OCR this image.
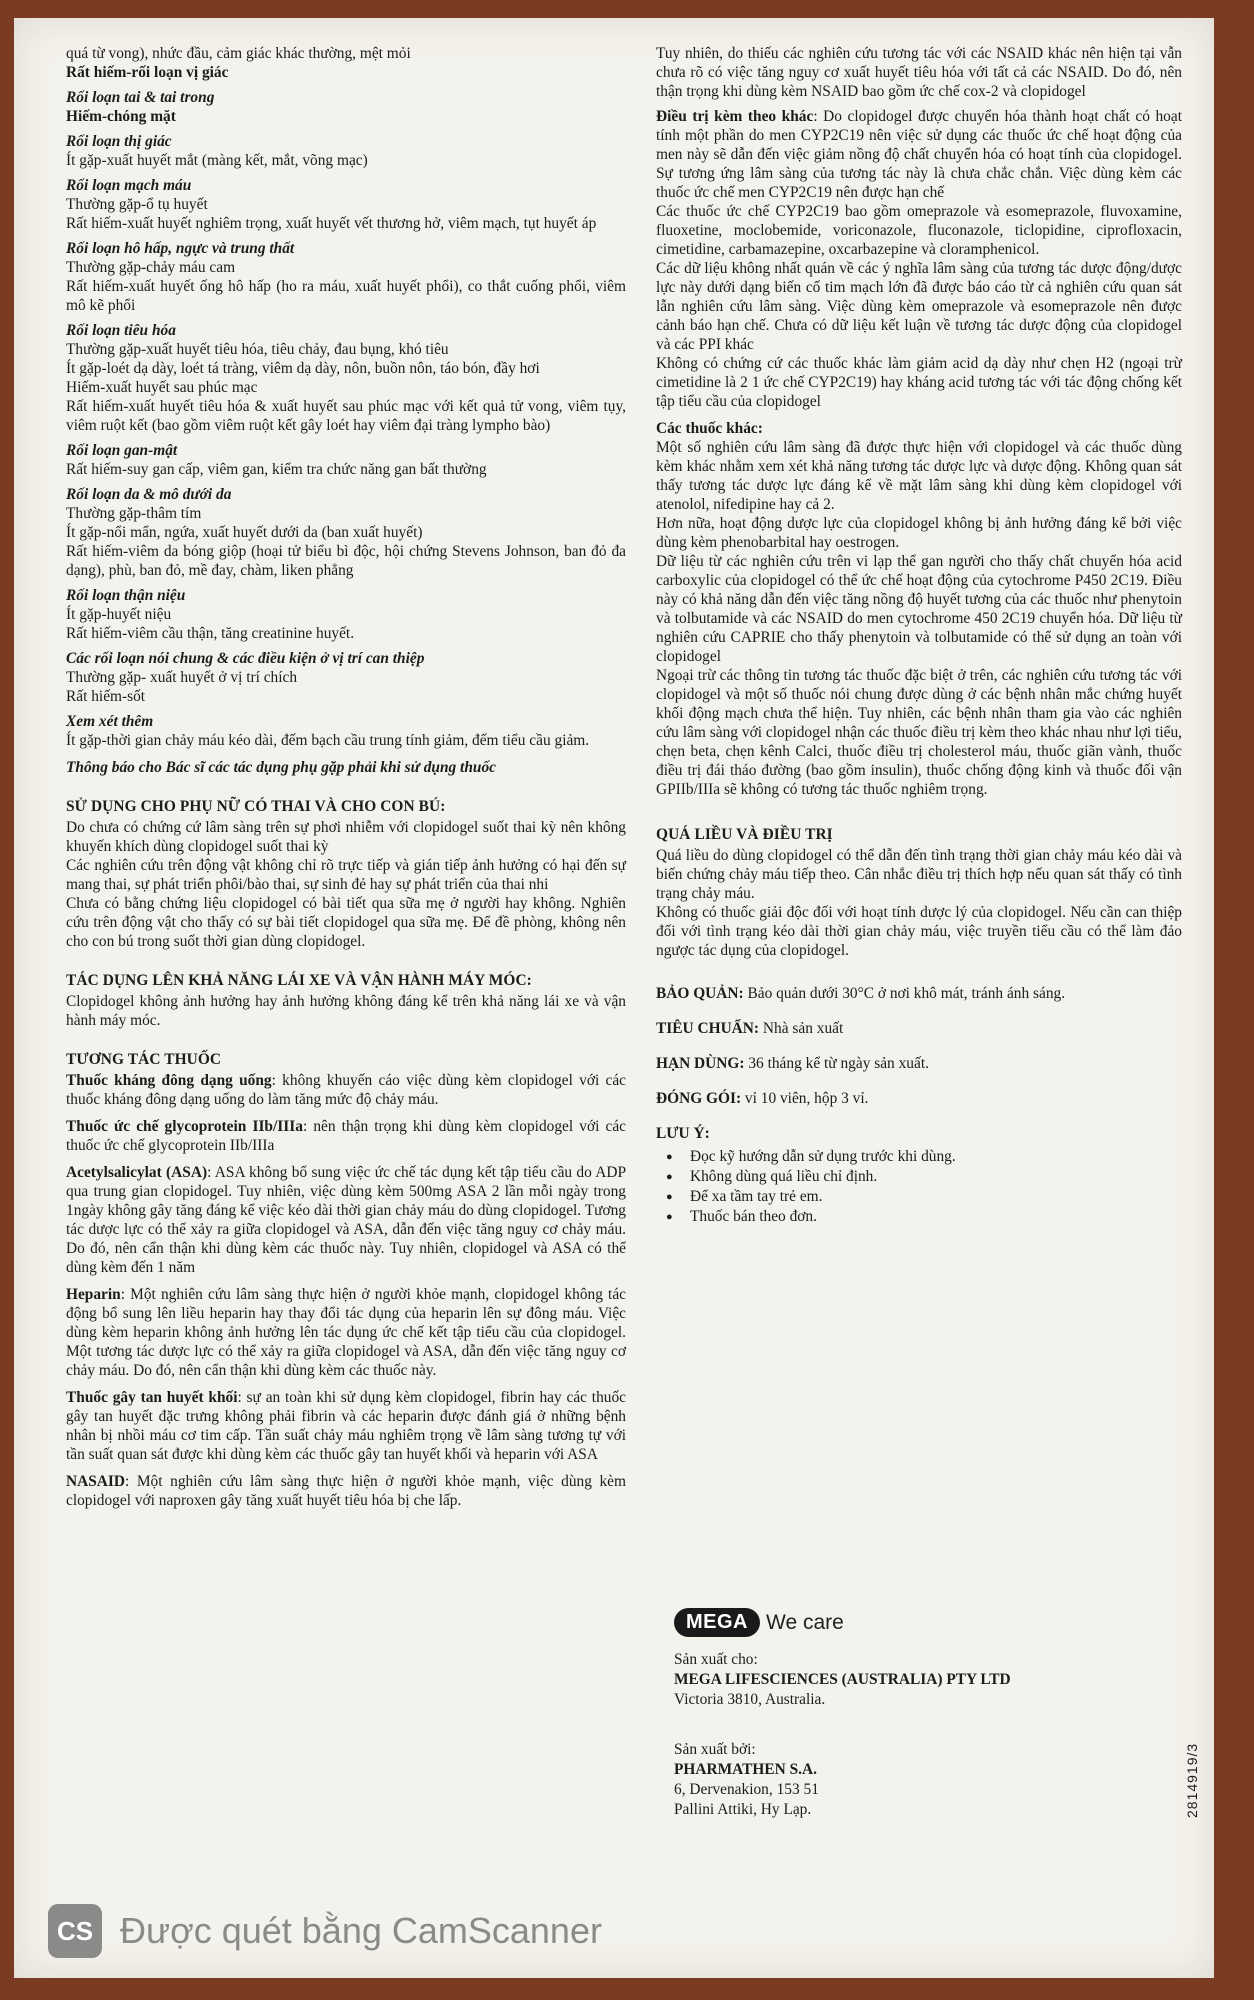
quá từ vong), nhức đầu, cảm giác khác thường, mệt mỏi

Rất hiếm-rối loạn vị giác

Rối loạn tai & tai trong

Hiếm-chóng mặt

Rối loạn thị giác

Ít gặp-xuất huyết mắt (màng kết, mắt, võng mạc)

Rối loạn mạch máu

Thường gặp-ổ tụ huyết

Rất hiếm-xuất huyết nghiêm trọng, xuất huyết vết thương hở, viêm mạch, tụt huyết áp

Rối loạn hô hấp, ngực và trung thất

Thường gặp-chảy máu cam

Rất hiếm-xuất huyết ống hô hấp (ho ra máu, xuất huyết phổi), co thắt cuống phổi, viêm mô kẽ phổi

Rối loạn tiêu hóa

Thường gặp-xuất huyết tiêu hóa, tiêu chảy, đau bụng, khó tiêu

Ít gặp-loét dạ dày, loét tá tràng, viêm dạ dày, nôn, buồn nôn, táo bón, đầy hơi

Hiếm-xuất huyết sau phúc mạc

Rất hiếm-xuất huyết tiêu hóa & xuất huyết sau phúc mạc với kết quả tử vong, viêm tụy, viêm ruột kết (bao gồm viêm ruột kết gây loét hay viêm đại tràng lympho bào)

Rối loạn gan-mật

Rất hiếm-suy gan cấp, viêm gan, kiểm tra chức năng gan bất thường

Rối loạn da & mô dưới da

Thường gặp-thâm tím

Ít gặp-nổi mẩn, ngứa, xuất huyết dưới da (ban xuất huyết)

Rất hiếm-viêm da bóng giộp (hoại tử biểu bì độc, hội chứng Stevens Johnson, ban đỏ đa dạng), phù, ban đỏ, mề đay, chàm, liken phẳng

Rối loạn thận niệu

Ít gặp-huyết niệu

Rất hiếm-viêm cầu thận, tăng creatinine huyết.

Các rối loạn nói chung & các điều kiện ở vị trí can thiệp

Thường gặp- xuất huyết ở vị trí chích

Rất hiếm-sốt

Xem xét thêm

Ít gặp-thời gian chảy máu kéo dài, đếm bạch cầu trung tính giảm, đếm tiểu cầu giảm.

Thông báo cho Bác sĩ các tác dụng phụ gặp phải khi sử dụng thuốc

SỬ DỤNG CHO PHỤ NỮ CÓ THAI VÀ CHO CON BÚ:

Do chưa có chứng cứ lâm sàng trên sự phơi nhiễm với clopidogel suốt thai kỳ nên không khuyến khích dùng clopidogel suốt thai kỳ

Các nghiên cứu trên động vật không chỉ rõ trực tiếp và gián tiếp ảnh hưởng có hại đến sự mang thai, sự phát triển phôi/bào thai, sự sinh đẻ hay sự phát triển của thai nhi

Chưa có bằng chứng liệu clopidogel có bài tiết qua sữa mẹ ở người hay không. Nghiên cứu trên động vật cho thấy có sự bài tiết clopidogel qua sữa mẹ. Để đề phòng, không nên cho con bú trong suốt thời gian dùng clopidogel.

TÁC DỤNG LÊN KHẢ NĂNG LÁI XE VÀ VẬN HÀNH MÁY MÓC:

Clopidogel không ảnh hưởng hay ảnh hưởng không đáng kể trên khả năng lái xe và vận hành máy móc.

TƯƠNG TÁC THUỐC

Thuốc kháng đông dạng uống: không khuyến cáo việc dùng kèm clopidogel với các thuốc kháng đông dạng uống do làm tăng mức độ chảy máu.

Thuốc ức chế glycoprotein IIb/IIIa: nên thận trọng khi dùng kèm clopidogel với các thuốc ức chế glycoprotein IIb/IIIa

Acetylsalicylat (ASA): ASA không bổ sung việc ức chế tác dụng kết tập tiểu cầu do ADP qua trung gian clopidogel. Tuy nhiên, việc dùng kèm 500mg ASA 2 lần mỗi ngày trong 1ngày không gây tăng đáng kể việc kéo dài thời gian chảy máu do dùng clopidogel. Tương tác dược lực có thể xảy ra giữa clopidogel và ASA, dẫn đến việc tăng nguy cơ chảy máu. Do đó, nên cẩn thận khi dùng kèm các thuốc này. Tuy nhiên, clopidogel và ASA có thể dùng kèm đến 1 năm

Heparin: Một nghiên cứu lâm sàng thực hiện ở người khỏe mạnh, clopidogel không tác động bổ sung lên liều heparin hay thay đổi tác dụng của heparin lên sự đông máu. Việc dùng kèm heparin không ảnh hưởng lên tác dụng ức chế kết tập tiểu cầu của clopidogel. Một tương tác dược lực có thể xảy ra giữa clopidogel và ASA, dẫn đến việc tăng nguy cơ chảy máu. Do đó, nên cẩn thận khi dùng kèm các thuốc này.

Thuốc gây tan huyết khối: sự an toàn khi sử dụng kèm clopidogel, fibrin hay các thuốc gây tan huyết đặc trưng không phải fibrin và các heparin được đánh giá ở những bệnh nhân bị nhồi máu cơ tim cấp. Tần suất chảy máu nghiêm trọng về lâm sàng tương tự với tần suất quan sát được khi dùng kèm các thuốc gây tan huyết khối và heparin với ASA

NASAID: Một nghiên cứu lâm sàng thực hiện ở người khỏe mạnh, việc dùng kèm clopidogel với naproxen gây tăng xuất huyết tiêu hóa bị che lấp.

Tuy nhiên, do thiếu các nghiên cứu tương tác với các NSAID khác nên hiện tại vẫn chưa rõ có việc tăng nguy cơ xuất huyết tiêu hóa với tất cả các NSAID. Do đó, nên thận trọng khi dùng kèm NSAID bao gồm ức chế cox-2 và clopidogel

Điều trị kèm theo khác: Do clopidogel được chuyển hóa thành hoạt chất có hoạt tính một phần do men CYP2C19 nên việc sử dụng các thuốc ức chế hoạt động của men này sẽ dẫn đến việc giảm nồng độ chất chuyển hóa có hoạt tính của clopidogel. Sự tương ứng lâm sàng của tương tác này là chưa chắc chắn. Việc dùng kèm các thuốc ức chế men CYP2C19 nên được hạn chế

Các thuốc ức chế CYP2C19 bao gồm omeprazole và esomeprazole, fluvoxamine, fluoxetine, moclobemide, voriconazole, fluconazole, ticlopidine, ciprofloxacin, cimetidine, carbamazepine, oxcarbazepine và cloramphenicol.

Các dữ liệu không nhất quán về các ý nghĩa lâm sàng của tương tác dược động/dược lực này dưới dạng biến cố tim mạch lớn đã được báo cáo từ cả nghiên cứu quan sát lẫn nghiên cứu lâm sàng. Việc dùng kèm omeprazole và esomeprazole nên được cảnh báo hạn chế. Chưa có dữ liệu kết luận về tương tác dược động của clopidogel và các PPI khác

Không có chứng cứ các thuốc khác làm giảm acid dạ dày như chẹn H2 (ngoại trừ cimetidine là 2 1 ức chế CYP2C19) hay kháng acid tương tác với tác động chống kết tập tiểu cầu của clopidogel

Các thuốc khác:

Một số nghiên cứu lâm sàng đã được thực hiện với clopidogel và các thuốc dùng kèm khác nhằm xem xét khả năng tương tác dược lực và dược động. Không quan sát thấy tương tác dược lực đáng kể về mặt lâm sàng khi dùng kèm clopidogel với atenolol, nifedipine hay cả 2.

Hơn nữa, hoạt động dược lực của clopidogel không bị ảnh hưởng đáng kể bởi việc dùng kèm phenobarbital hay oestrogen.

Dữ liệu từ các nghiên cứu trên vi lạp thể gan người cho thấy chất chuyển hóa acid carboxylic của clopidogel có thể ức chế hoạt động của cytochrome P450 2C19. Điều này có khả năng dẫn đến việc tăng nồng độ huyết tương của các thuốc như phenytoin và tolbutamide và các NSAID do men cytochrome 450 2C19 chuyển hóa. Dữ liệu từ nghiên cứu CAPRIE cho thấy phenytoin và tolbutamide có thể sử dụng an toàn với clopidogel

Ngoại trừ các thông tin tương tác thuốc đặc biệt ở trên, các nghiên cứu tương tác với clopidogel và một số thuốc nói chung được dùng ở các bệnh nhân mắc chứng huyết khối động mạch chưa thể hiện. Tuy nhiên, các bệnh nhân tham gia vào các nghiên cứu lâm sàng với clopidogel nhận các thuốc điều trị kèm theo khác nhau như lợi tiểu, chẹn beta, chẹn kênh Calci, thuốc điều trị cholesterol máu, thuốc giãn vành, thuốc điều trị đái tháo đường (bao gồm insulin), thuốc chống động kinh và thuốc đối vận GPIIb/IIIa sẽ không có tương tác thuốc nghiêm trọng.

QUÁ LIỀU VÀ ĐIỀU TRỊ

Quá liều do dùng clopidogel có thể dẫn đến tình trạng thời gian chảy máu kéo dài và biến chứng chảy máu tiếp theo. Cân nhắc điều trị thích hợp nếu quan sát thấy có tình trạng chảy máu.

Không có thuốc giải độc đối với hoạt tính dược lý của clopidogel. Nếu cần can thiệp đối với tình trạng kéo dài thời gian chảy máu, việc truyền tiểu cầu có thể làm đảo ngược tác dụng của clopidogel.

BẢO QUẢN: Bảo quản dưới 30°C ở nơi khô mát, tránh ánh sáng.

TIÊU CHUẨN: Nhà sản xuất

HẠN DÙNG: 36 tháng kể từ ngày sản xuất.

ĐÓNG GÓI: vỉ 10 viên, hộp 3 vỉ.

LƯU Ý:

● Đọc kỹ hướng dẫn sử dụng trước khi dùng.
● Không dùng quá liều chỉ định.
● Để xa tầm tay trẻ em.
● Thuốc bán theo đơn.
MEGA We care
Sản xuất cho:
MEGA LIFESCIENCES (AUSTRALIA) PTY LTD
Victoria 3810, Australia.
Sản xuất bởi:
PHARMATHEN S.A.
6, Dervenakion, 153 51
Pallini Attiki, Hy Lạp.	2814919/3
CS Được quét bằng CamScanner
